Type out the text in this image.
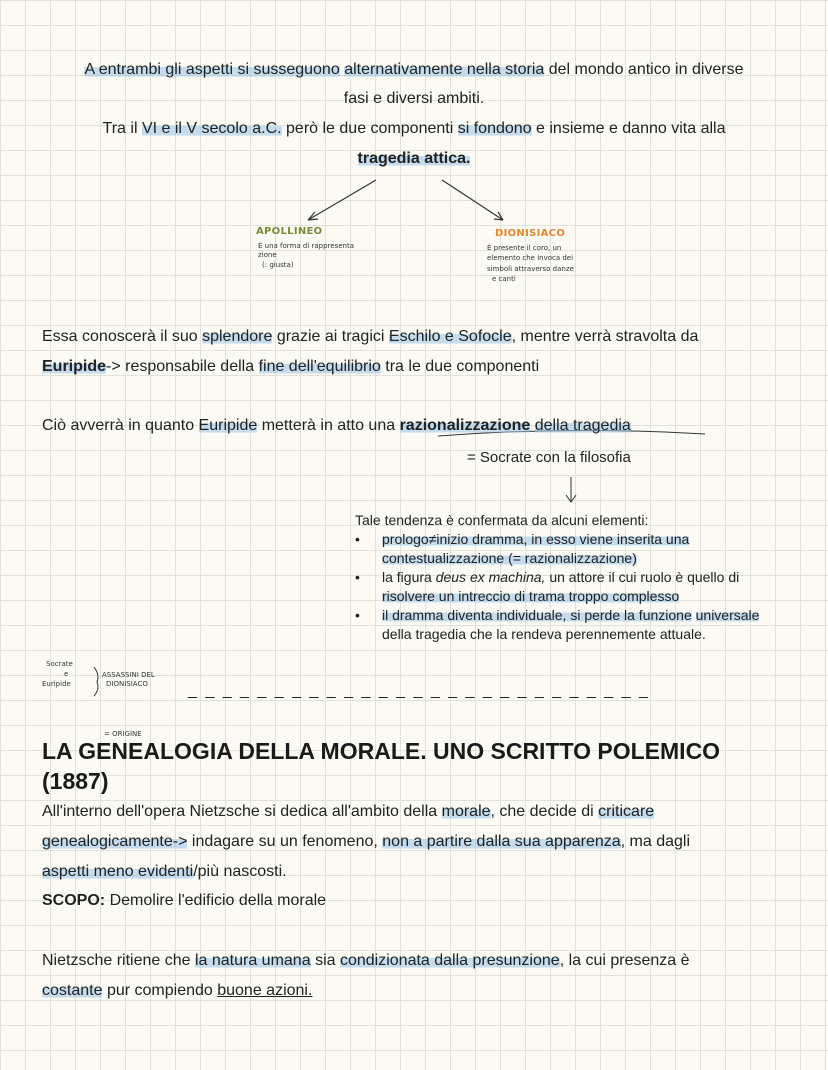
A entrambi gli aspetti si susseguono alternativamente nella storia del mondo antico in diverse
fasi e diversi ambiti.
Tra il VI e il V secolo a.C. però le due componenti si fondono e insieme e danno vita alla
tragedia attica.
APOLLINEO
È una forma di rappresenta
zione
(: giusta)
DIONISIACO
È presente il coro, un
elemento che invoca dei
simboli attraverso danze
e canti
Essa conoscerà il suo splendore grazie ai tragici Eschilo e Sofocle, mentre verrà stravolta da
Euripide-> responsabile della fine dell'equilibrio tra le due componenti
Ciò avverrà in quanto Euripide metterà in atto una razionalizzazione della tragedia
= Socrate con la filosofia
Tale tendenza è confermata da alcuni elementi:
• prologo≠inizio dramma, in esso viene inserita una contestualizzazione (= razionalizzazione)
• la figura deus ex machina, un attore il cui ruolo è quello di risolvere un intreccio di trama troppo complesso
• il dramma diventa individuale, si perde la funzione universale della tragedia che la rendeva perennemente attuale.
Socrate
e
Euripide
ASSASSINI DEL
DIONISIACO	_ _ _ _ _ _ _ _ _ _ _ _ _ _ _ _ _ _ _ _ _ _ _ _ _ _ _
= ORIGINE
LA GENEALOGIA DELLA MORALE. UNO SCRITTO POLEMICO
(1887)
All'interno dell'opera Nietzsche si dedica all'ambito della morale, che decide di criticare
genealogicamente-> indagare su un fenomeno, non a partire dalla sua apparenza, ma dagli
aspetti meno evidenti/più nascosti.
SCOPO: Demolire l'edificio della morale
Nietzsche ritiene che la natura umana sia condizionata dalla presunzione, la cui presenza è
costante pur compiendo buone azioni.
